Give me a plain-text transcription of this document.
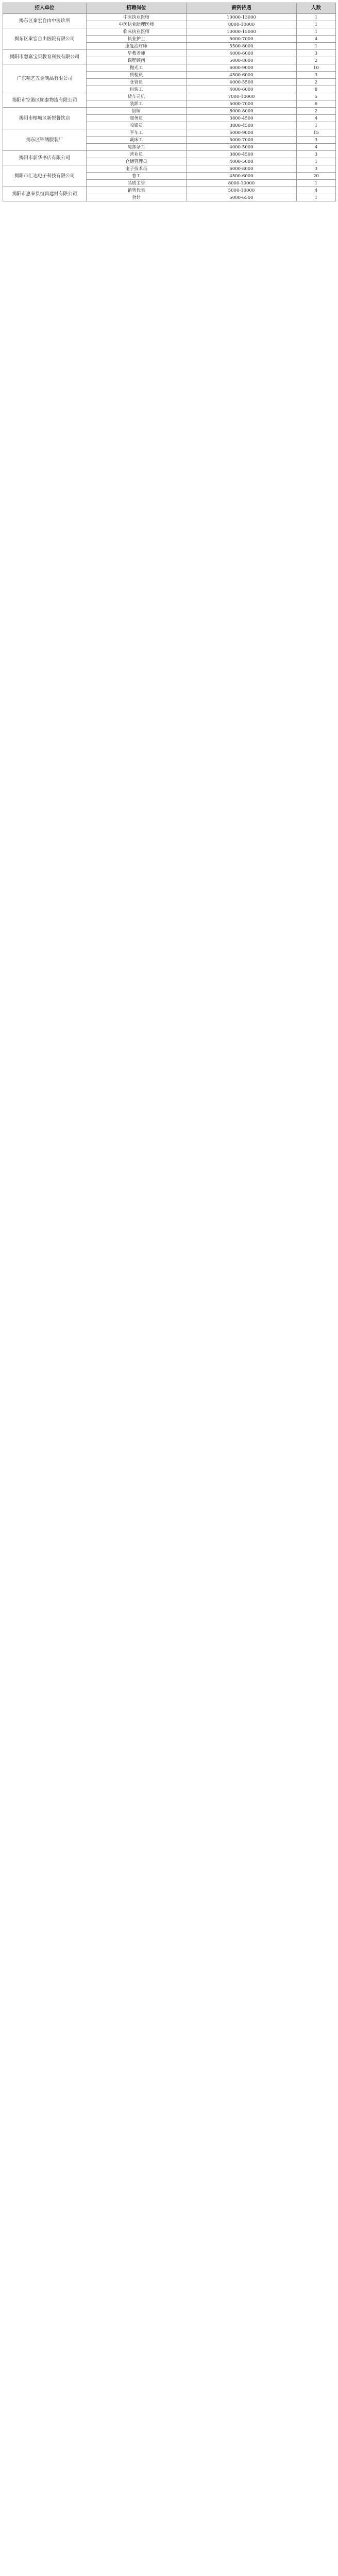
招人单位	招聘岗位	薪资待遇	人数
揭东区秦宏自由中医诊所	中医执业医师	10000-13000	1
	中医执业助理医师	8000-10000	1
揭东区秦宏自由医院有限公司	临床执业医师	10000-15000	1
	执业护士	5000-7000	4
	康复治疗师	5500-8000	1
揭阳市慧嘉宝贝教育科技有限公司	早教老师	4000-6000	3
	课程顾问	5000-8000	2
广东精艺五金制品有限公司	抛光工	6000-9000	10
	质检员	4500-6000	3
	仓管员	4000-5500	2
	包装工	4000-6000	8
揭阳市空港区顺泰物流有限公司	货车司机	7000-10000	5
	装卸工	5000-7000	6
揭阳市榕城区新悦餐饮店	厨师	6000-8000	2
	服务员	3800-4500	4
	收银员	3800-4500	1
揭东区锦绣服装厂	平车工	6000-9000	15
	裁床工	5000-7000	3
	尾部杂工	4000-5000	4
揭阳市新华书店有限公司	营业员	3800-4500	3
	仓储管理员	4000-5000	1
揭阳市汇达电子科技有限公司	电子技术员	6000-8000	3
	普工	4500-6000	20
	品质主管	8000-10000	1
揭阳市惠来县恒昌建材有限公司	销售代表	5000-10000	4
	会计	5000-6500	1
